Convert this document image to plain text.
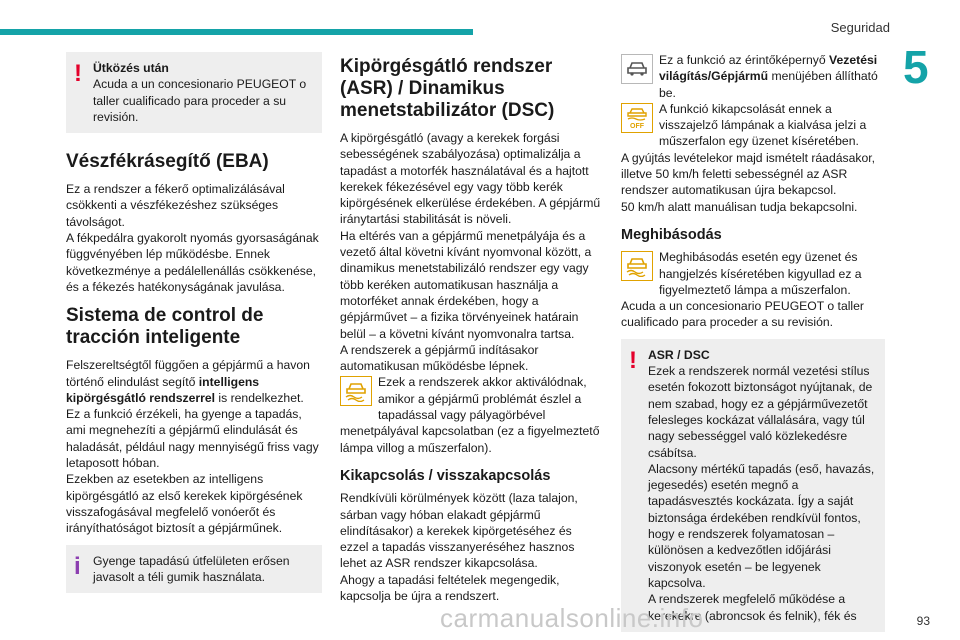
Seguridad
5
! Ütközés után

Acuda a un concesionario PEUGEOT o taller cualificado para proceder a su revisión.

Vészfékrásegítő (EBA)

Ez a rendszer a fékerő optimalizálásával csökkenti a vészfékezéshez szükséges távolságot.

A fékpedálra gyakorolt nyomás gyorsaságának függvényében lép működésbe. Ennek következménye a pedálellenállás csökkenése, és a fékezés hatékonyságának javulása.

Sistema de control de tracción inteligente

Felszereltségtől függően a gépjármű a havon történő elindulást segítő intelligens kipörgésgátló rendszerrel is rendelkezhet.

Ez a funkció érzékeli, ha gyenge a tapadás, ami megnehezíti a gépjármű elindulását és haladását, például nagy mennyiségű friss vagy letaposott hóban.

Ezekben az esetekben az intelligens kipörgésgátló az első kerekek kipörgésének visszafogásával megfelelő vonóerőt és irányíthatóságot biztosít a gépjárműnek.

i Gyenge tapadású útfelületen erősen javasolt a téli gumik használata.

Kipörgésgátló rendszer (ASR) / Dinamikus menetstabilizátor (DSC)

A kipörgésgátló (avagy a kerekek forgási sebességének szabályozása) optimalizálja a tapadást a motorfék használatával és a hajtott kerekek fékezésével egy vagy több kerék kipörgésének elkerülése érdekében. A gépjármű iránytartási stabilitását is növeli.

Ha eltérés van a gépjármű menetpályája és a vezető által követni kívánt nyomvonal között, a dinamikus menetstabilizáló rendszer egy vagy több keréken automatikusan használja a motorféket annak érdekében, hogy a gépjárművet – a fizika törvényeinek határain belül – a követni kívánt nyomvonalra tartsa.

A rendszerek a gépjármű indításakor automatikusan működésbe lépnek.

Ezek a rendszerek akkor aktiválódnak, amikor a gépjármű problémát észlel a tapadással vagy pályagörbével menetpályával kapcsolatban (ez a figyelmeztető lámpa villog a műszerfalon).

Kikapcsolás / visszakapcsolás

Rendkívüli körülmények között (laza talajon, sárban vagy hóban elakadt gépjármű elindításakor) a kerekek kipörgetéséhez és ezzel a tapadás visszanyeréséhez hasznos lehet az ASR rendszer kikapcsolása.

Ahogy a tapadási feltételek megengedik, kapcsolja be újra a rendszert.

Ez a funkció az érintőképernyő Vezetési világítás/Gépjármű menüjében állítható be.

OFF

A funkció kikapcsolását ennek a visszajelző lámpának a kialvása jelzi a műszerfalon egy üzenet kíséretében.

A gyújtás levételekor majd ismételt ráadásakor, illetve 50 km/h feletti sebességnél az ASR rendszer automatikusan újra bekapcsol.

50 km/h alatt manuálisan tudja bekapcsolni.

Meghibásodás

Meghibásodás esetén egy üzenet és hangjelzés kíséretében kigyullad ez a figyelmeztető lámpa a műszerfalon.

Acuda a un concesionario PEUGEOT o taller cualificado para proceder a su revisión.

! ASR / DSC

Ezek a rendszerek normál vezetési stílus esetén fokozott biztonságot nyújtanak, de nem szabad, hogy ez a gépjárművezetőt felesleges kockázat vállalására, vagy túl nagy sebességgel való közlekedésre csábítsa.

Alacsony mértékű tapadás (eső, havazás, jegesedés) esetén megnő a tapadásvesztés kockázata. Így a saját biztonsága érdekében rendkívül fontos, hogy e rendszerek folyamatosan – különösen a kedvezőtlen időjárási viszonyok esetén – be legyenek kapcsolva.

A rendszerek megfelelő működése a kerekekre (abroncsok és felnik), fék és

carmanualsonline.info	93
